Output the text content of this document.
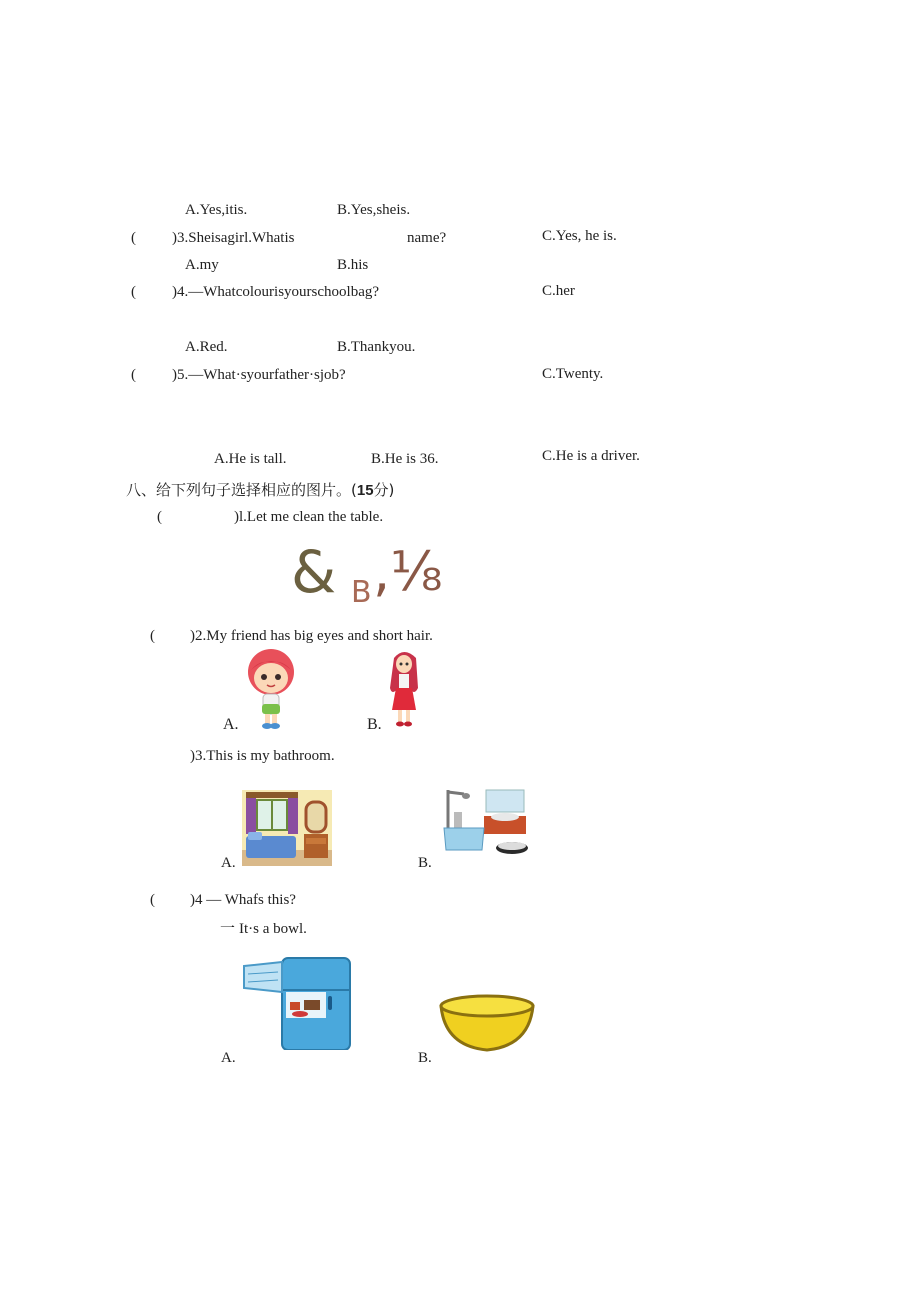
A.Yes,itis.	B.Yes,sheis.
( )3.Sheisagirl.Whatis	name?	C.Yes, he is.
A.my	B.his
( )4.—Whatcolourisyourschoolbag?	C.her
A.Red.	B.Thankyou.
( )5.—What·syourfather·sjob?	C.Twenty.
A.He is tall.	B.He is 36.	C.He is a driver.
八、给下列句子选择相应的图片。(15分)
(	)l.Let me clean the table.
& B ,⅛
( )2.My friend has big eyes and short hair.
A.	B.
)3.This is my bathroom.
A.	B.
( )4 — Whafs this?
一 It·s a bowl.
A.	B.
